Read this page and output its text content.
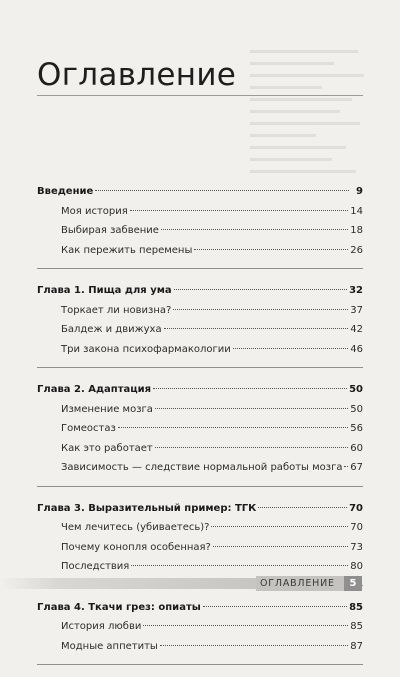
Оглавление
Введение	9
Моя история	14
Выбирая забвение	18
Как пережить перемены	26
Глава 1. Пища для ума	32
Торкает ли новизна?	37
Балдеж и движуха	42
Три закона психофармакологии	46
Глава 2. Адаптация	50
Изменение мозга	50
Гомеостаз	56
Как это работает	60
Зависимость — следствие нормальной работы мозга 67
Глава 3. Выразительный пример: ТГК	70
Чем лечитесь (убиваетесь)?	70
Почему конопля особенная?	73
Последствия	80
Глава 4. Ткачи грез: опиаты	85
История любви	85
Модные аппетиты	87
ОГЛАВЛЕНИЕ	5
